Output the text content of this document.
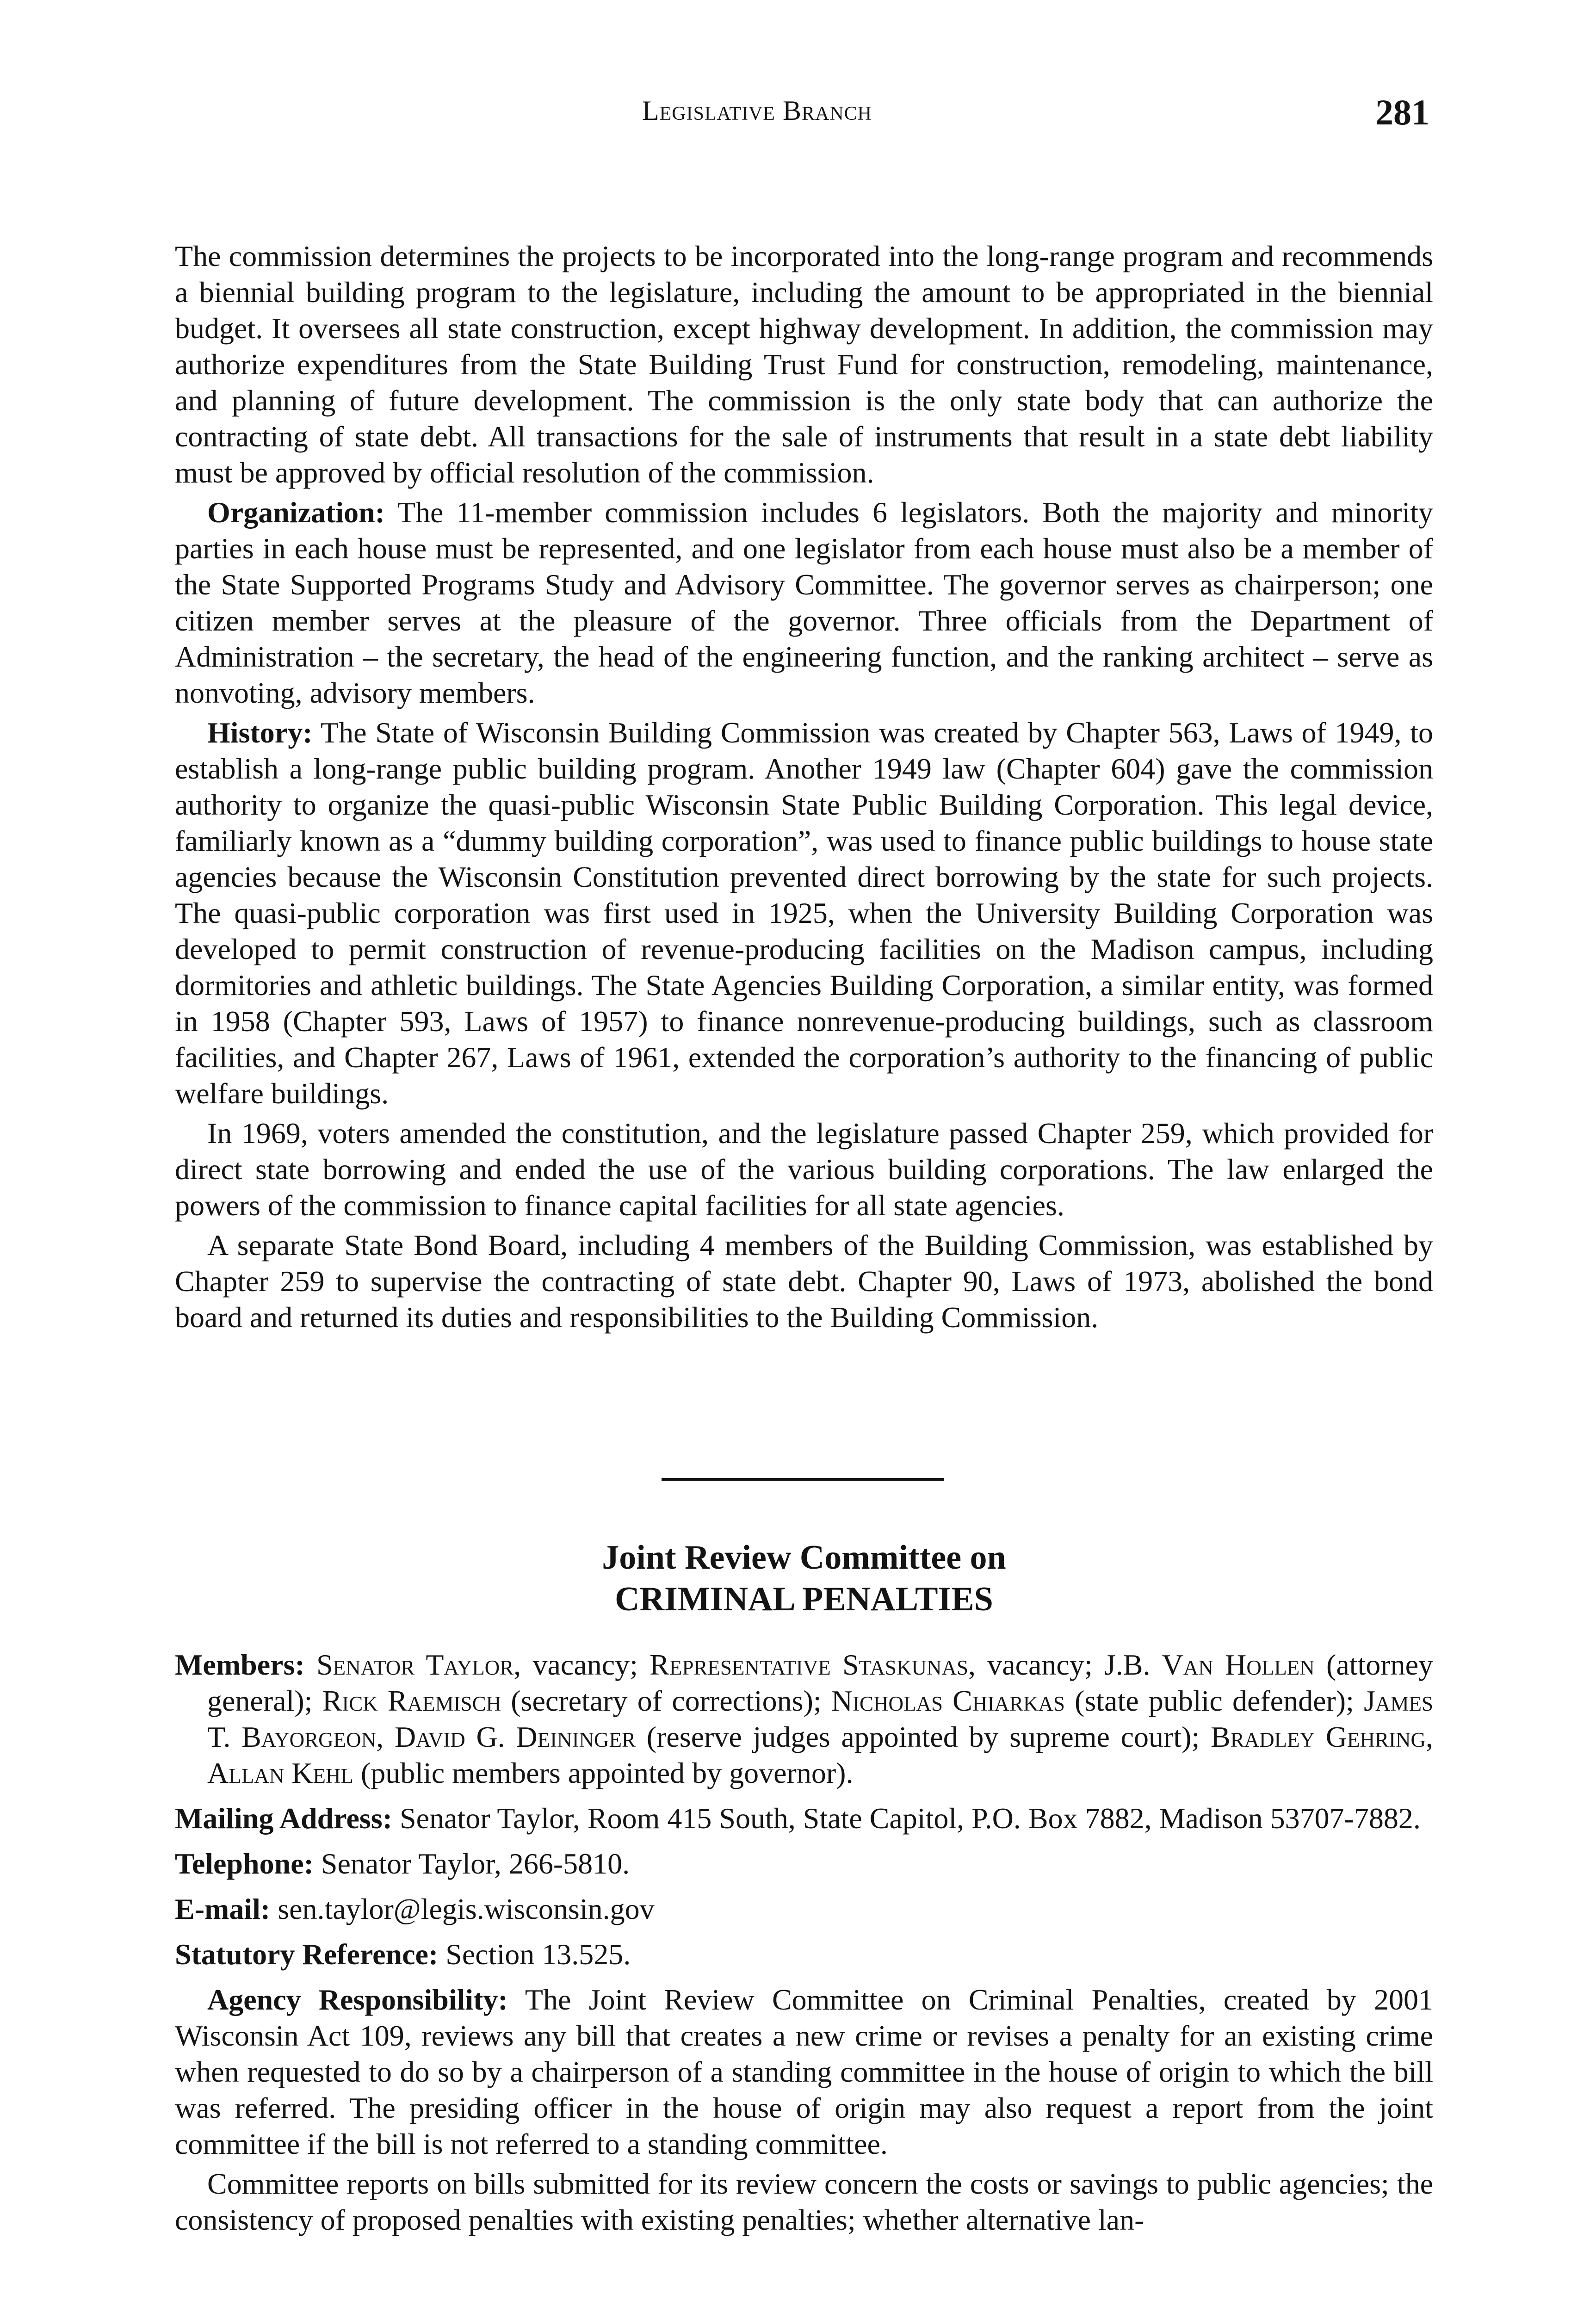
Legislative Branch	281

The commission determines the projects to be incorporated into the long-range program and recommends a biennial building program to the legislature, including the amount to be appropriated in the biennial budget. It oversees all state construction, except highway development. In addition, the commission may authorize expenditures from the State Building Trust Fund for construction, remodeling, maintenance, and planning of future development. The commission is the only state body that can authorize the contracting of state debt. All transactions for the sale of instruments that result in a state debt liability must be approved by official resolution of the commission.

Organization: The 11-member commission includes 6 legislators. Both the majority and minority parties in each house must be represented, and one legislator from each house must also be a member of the State Supported Programs Study and Advisory Committee. The governor serves as chairperson; one citizen member serves at the pleasure of the governor. Three officials from the Department of Administration – the secretary, the head of the engineering function, and the ranking architect – serve as nonvoting, advisory members.

History: The State of Wisconsin Building Commission was created by Chapter 563, Laws of 1949, to establish a long-range public building program. Another 1949 law (Chapter 604) gave the commission authority to organize the quasi-public Wisconsin State Public Building Corporation. This legal device, familiarly known as a “dummy building corporation”, was used to finance public buildings to house state agencies because the Wisconsin Constitution prevented direct borrowing by the state for such projects. The quasi-public corporation was first used in 1925, when the University Building Corporation was developed to permit construction of revenue-producing facilities on the Madison campus, including dormitories and athletic buildings. The State Agencies Building Corporation, a similar entity, was formed in 1958 (Chapter 593, Laws of 1957) to finance nonrevenue-producing buildings, such as classroom facilities, and Chapter 267, Laws of 1961, extended the corporation’s authority to the financing of public welfare buildings.

In 1969, voters amended the constitution, and the legislature passed Chapter 259, which provided for direct state borrowing and ended the use of the various building corporations. The law enlarged the powers of the commission to finance capital facilities for all state agencies.

A separate State Bond Board, including 4 members of the Building Commission, was established by Chapter 259 to supervise the contracting of state debt. Chapter 90, Laws of 1973, abolished the bond board and returned its duties and responsibilities to the Building Commission.

Joint Review Committee on
CRIMINAL PENALTIES

Members: Senator Taylor, vacancy; Representative Staskunas, vacancy; J.B. Van Hollen (attorney general); Rick Raemisch (secretary of corrections); Nicholas Chiarkas (state public defender); James T. Bayorgeon, David G. Deininger (reserve judges appointed by supreme court); Bradley Gehring, Allan Kehl (public members appointed by governor).

Mailing Address: Senator Taylor, Room 415 South, State Capitol, P.O. Box 7882, Madison 53707-7882.

Telephone: Senator Taylor, 266-5810.

E-mail: sen.taylor@legis.wisconsin.gov

Statutory Reference: Section 13.525.

Agency Responsibility: The Joint Review Committee on Criminal Penalties, created by 2001 Wisconsin Act 109, reviews any bill that creates a new crime or revises a penalty for an existing crime when requested to do so by a chairperson of a standing committee in the house of origin to which the bill was referred. The presiding officer in the house of origin may also request a report from the joint committee if the bill is not referred to a standing committee.

Committee reports on bills submitted for its review concern the costs or savings to public agencies; the consistency of proposed penalties with existing penalties; whether alternative lan-
